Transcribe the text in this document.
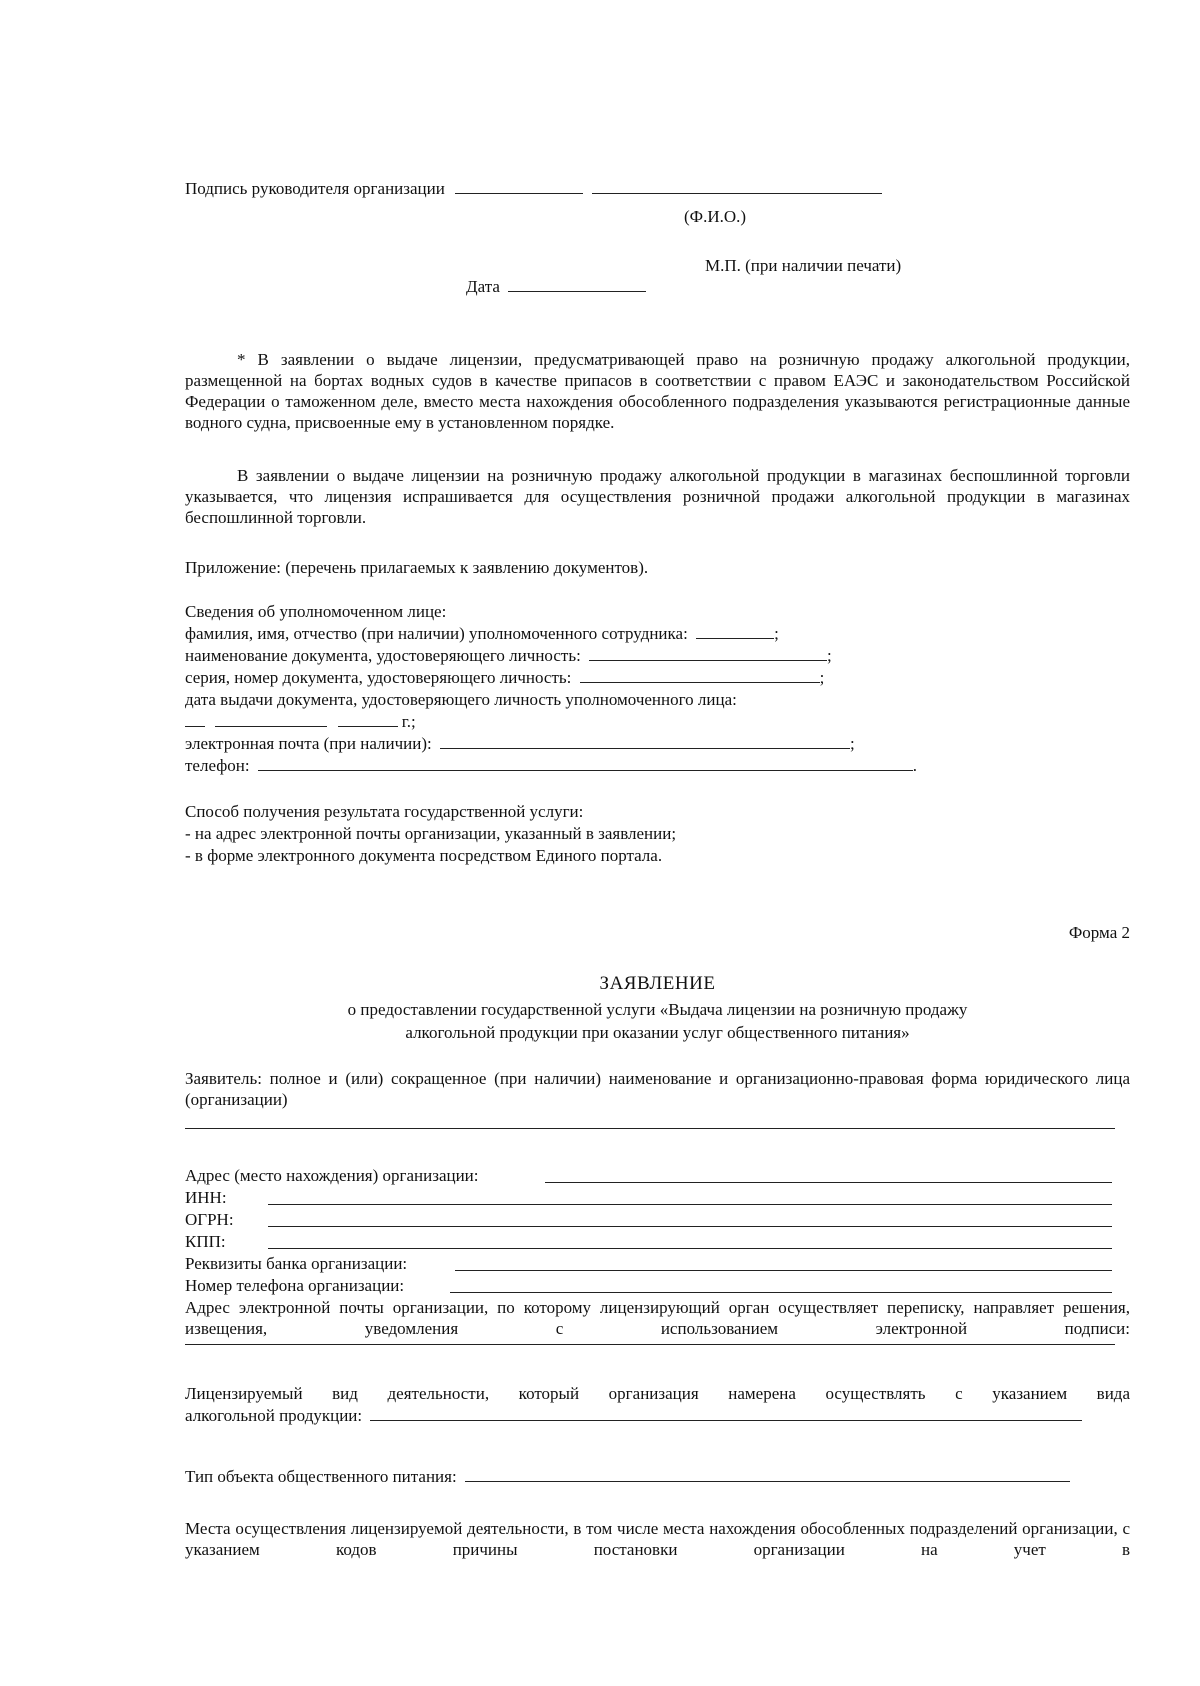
Подпись руководителя организации
(Ф.И.О.)
М.П. (при наличии печати)
Дата
* В заявлении о выдаче лицензии, предусматривающей право на розничную продажу алкогольной продукции, размещенной на бортах водных судов в качестве припасов в соответствии с правом ЕАЭС и законодательством Российской Федерации о таможенном деле, вместо места нахождения обособленного подразделения указываются регистрационные данные водного судна, присвоенные ему в установленном порядке.
В заявлении о выдаче лицензии на розничную продажу алкогольной продукции в магазинах беспошлинной торговли указывается, что лицензия испрашивается для осуществления розничной продажи алкогольной продукции в магазинах беспошлинной торговли.
Приложение: (перечень прилагаемых к заявлению документов).
Сведения об уполномоченном лице:
фамилия, имя, отчество (при наличии) уполномоченного сотрудника:	;
наименование документа, удостоверяющего личность:	;
серия, номер документа, удостоверяющего личность:	;
дата выдачи документа, удостоверяющего личность уполномоченного лица:
г.;
электронная почта (при наличии):	;
телефон:	.
Способ получения результата государственной услуги:
- на адрес электронной почты организации, указанный в заявлении;
- в форме электронного документа посредством Единого портала.
Форма 2
ЗАЯВЛЕНИЕ
о предоставлении государственной услуги «Выдача лицензии на розничную продажу
алкогольной продукции при оказании услуг общественного питания»
Заявитель: полное и (или) сокращенное (при наличии) наименование и организационно-правовая форма юридического лица (организации)
Адрес (место нахождения) организации:
ИНН:
ОГРН:
КПП:
Реквизиты банка организации:
Номер телефона организации:
Адрес электронной почты организации, по которому лицензирующий орган осуществляет переписку, направляет решения, извещения, уведомления с использованием электронной подписи:
Лицензируемый вид деятельности, который организация намерена осуществлять с указанием вида
алкогольной продукции:
Тип объекта общественного питания:
Места осуществления лицензируемой деятельности, в том числе места нахождения обособленных подразделений организации, с указанием кодов причины постановки организации на учет в
